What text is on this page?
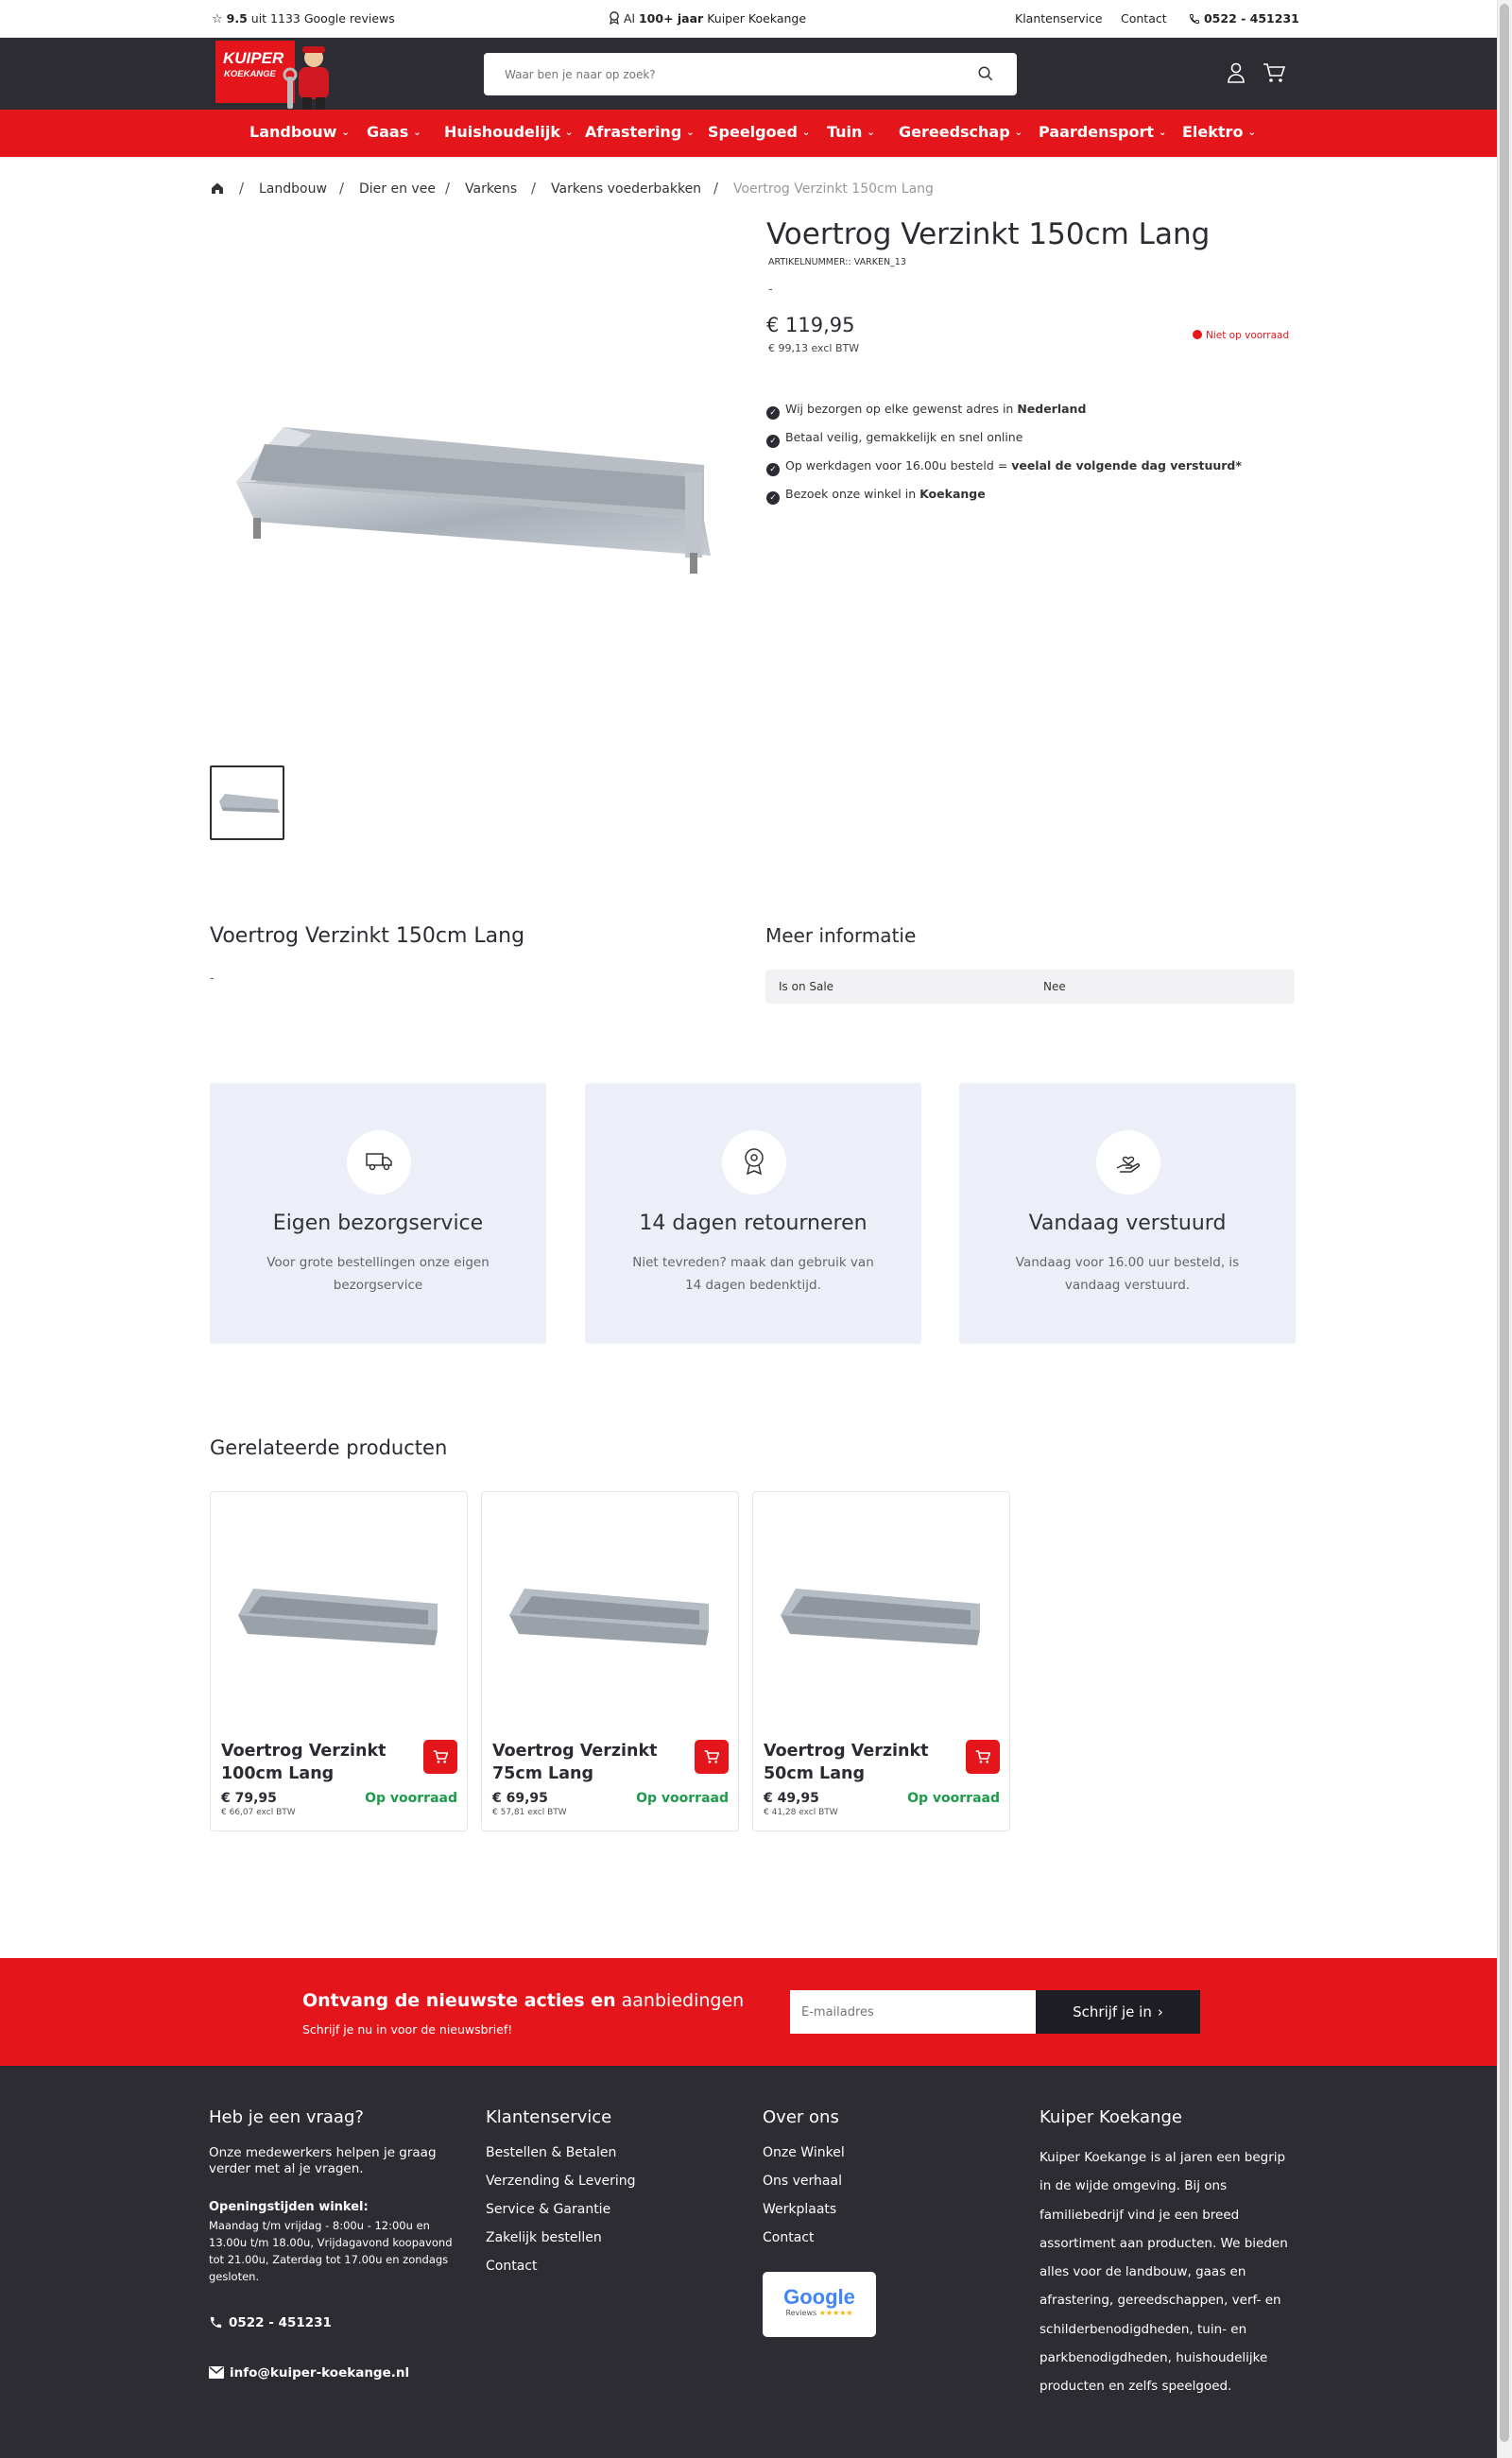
☆ 9.5 uit 1133 Google reviews	Al 100+ jaar Kuiper Koekange	Klantenservice Contact	0522 - 451231
KUIPER
KOEKANGE
Waar ben je naar op zoek?
Landbouw ⌄ Gaas ⌄ Huishoudelijk ⌄ Afrastering ⌄ Speelgoed ⌄ Tuin ⌄ Gereedschap ⌄ Paardensport ⌄ Elektro ⌄
/ Landbouw / Dier en vee / Varkens / Varkens voederbakken / Voertrog Verzinkt 150cm Lang
Voertrog Verzinkt 150cm Lang
ARTIKELNUMMER:: VARKEN_13
-
€ 119,95
€ 99,13 excl BTW
Niet op voorraad
✓ Wij bezorgen op elke gewenst adres in Nederland
✓ Betaal veilig, gemakkelijk en snel online
✓ Op werkdagen voor 16.00u besteld = veelal de volgende dag verstuurd*
✓ Bezoek onze winkel in Koekange
Voertrog Verzinkt 150cm Lang
-
Meer informatie
Is on Sale	Nee
Eigen bezorgservice
Voor grote bestellingen onze eigen bezorgservice
14 dagen retourneren
Niet tevreden? maak dan gebruik van 14 dagen bedenktijd.
Vandaag verstuurd
Vandaag voor 16.00 uur besteld, is vandaag verstuurd.
Gerelateerde producten
Voertrog Verzinkt 100cm Lang
€ 79,95
€ 66,07 excl BTW
Op voorraad
Voertrog Verzinkt 75cm Lang
€ 69,95
€ 57,81 excl BTW
Op voorraad
Voertrog Verzinkt 50cm Lang
€ 49,95
€ 41,28 excl BTW
Op voorraad
Ontvang de nieuwste acties en aanbiedingen
Schrijf je nu in voor de nieuwsbrief!
E-mailadres
Schrijf je in ›
Heb je een vraag?
Onze medewerkers helpen je graag verder met al je vragen.
Openingstijden winkel:
Maandag t/m vrijdag - 8:00u - 12:00u en 13.00u t/m 18.00u, Vrijdagavond koopavond tot 21.00u, Zaterdag tot 17.00u en zondags gesloten.
0522 - 451231
info@kuiper-koekange.nl
Klantenservice
Bestellen & Betalen
Verzending & Levering
Service & Garantie
Zakelijk bestellen
Contact
Over ons
Onze Winkel
Ons verhaal
Werkplaats
Contact
Google
Reviews ★★★★★
Kuiper Koekange
Kuiper Koekange is al jaren een begrip in de wijde omgeving. Bij ons familiebedrijf vind je een breed assortiment aan producten. We bieden alles voor de landbouw, gaas en afrastering, gereedschappen, verf- en schilderbenodigdheden, tuin- en parkbenodigdheden, huishoudelijke producten en zelfs speelgoed.
